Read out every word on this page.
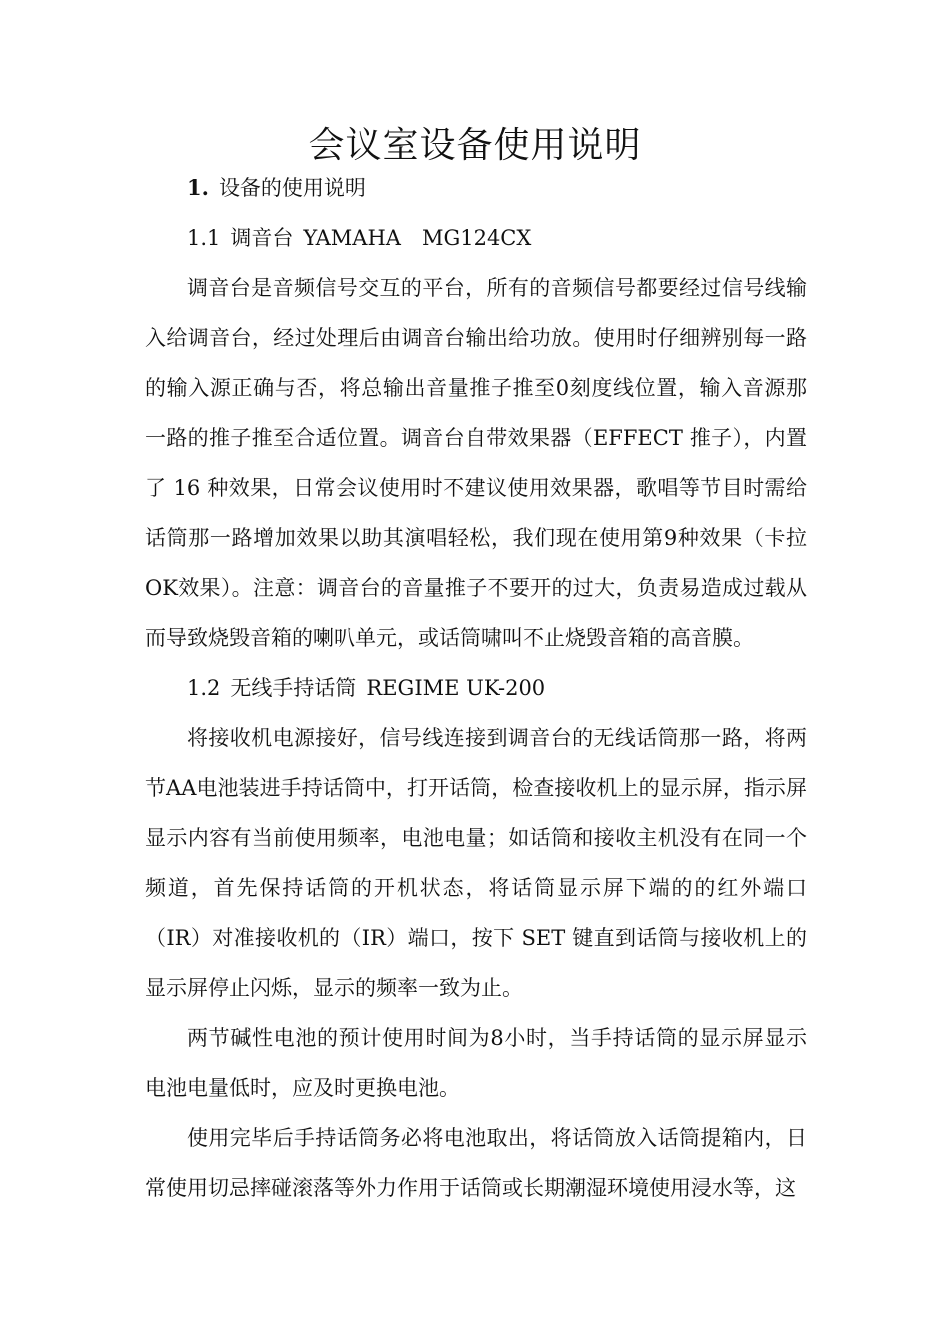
会议室设备使用说明

1. 设备的使用说明

1.1 调音台 YAMAHA　MG124CX

调音台是音频信号交互的平台，所有的音频信号都要经过信号线输入给调音台，经过处理后由调音台输出给功放。使用时仔细辨别每一路的输入源正确与否，将总输出音量推子推至0刻度线位置，输入音源那一路的推子推至合适位置。调音台自带效果器（EFFECT 推子），内置了 16 种效果，日常会议使用时不建议使用效果器，歌唱等节目时需给话筒那一路增加效果以助其演唱轻松，我们现在使用第9种效果（卡拉OK效果）。注意：调音台的音量推子不要开的过大，负责易造成过载从而导致烧毁音箱的喇叭单元，或话筒啸叫不止烧毁音箱的高音膜。

1.2 无线手持话筒 REGIME UK-200

将接收机电源接好，信号线连接到调音台的无线话筒那一路，将两节AA电池装进手持话筒中，打开话筒，检查接收机上的显示屏，指示屏显示内容有当前使用频率，电池电量；如话筒和接收主机没有在同一个频道，首先保持话筒的开机状态，将话筒显示屏下端的的红外端口（IR）对准接收机的（IR）端口，按下 SET 键直到话筒与接收机上的显示屏停止闪烁，显示的频率一致为止。

两节碱性电池的预计使用时间为8小时，当手持话筒的显示屏显示电池电量低时，应及时更换电池。

使用完毕后手持话筒务必将电池取出，将话筒放入话筒提箱内，日常使用切忌摔碰滚落等外力作用于话筒或长期潮湿环境使用浸水等，这
